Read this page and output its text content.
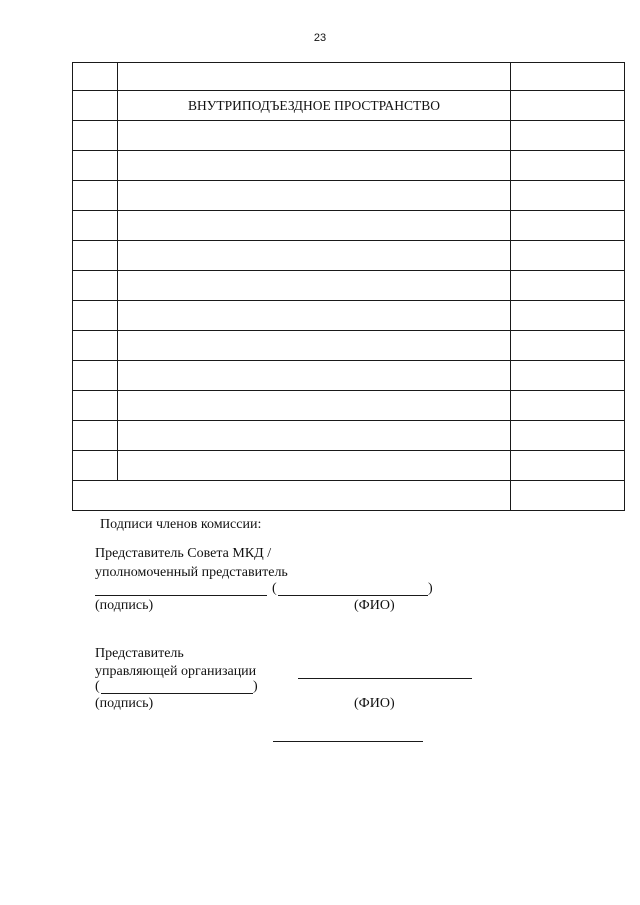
23

	ВНУТРИПОДЪЕЗДНОЕ ПРОСТРАНСТВО	

Подписи членов комиссии:
Представитель Совета МКД /
уполномоченный представитель
(	)
(подпись)	(ФИО)
Представитель
управляющей организации
(	)
(подпись)	(ФИО)
